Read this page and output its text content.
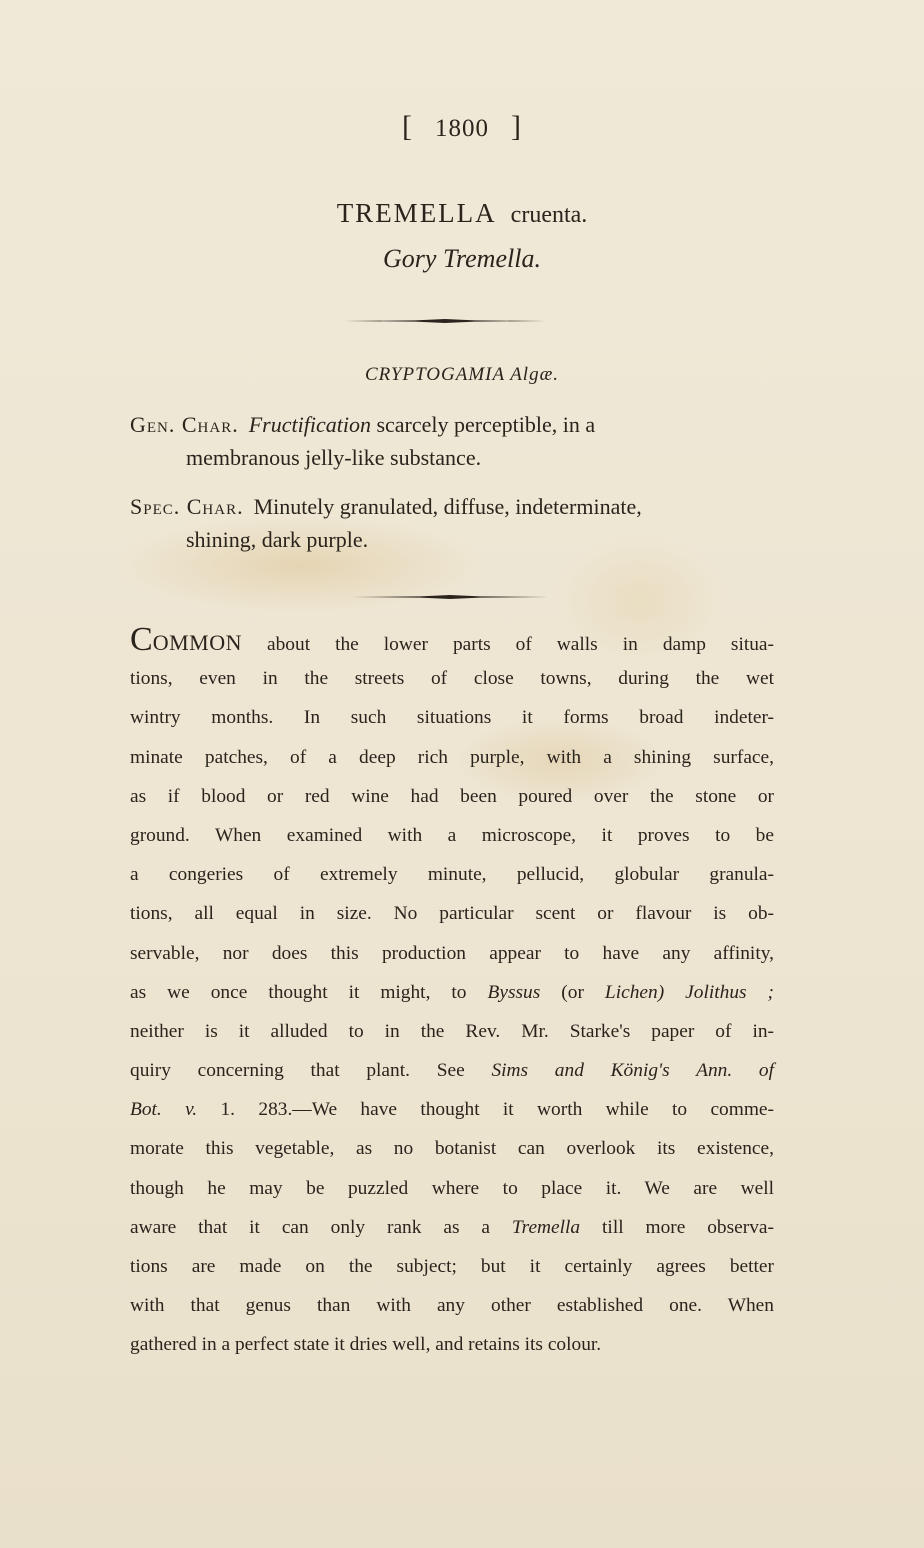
[ 1800 ]
TREMELLA cruenta.
Gory Tremella.
CRYPTOGAMIA Algæ.
Gen. Char. Fructification scarcely perceptible, in a
membranous jelly-like substance.
Spec. Char. Minutely granulated, diffuse, indeterminate,
shining, dark purple.
COMMON about the lower parts of walls in damp situa-
tions, even in the streets of close towns, during the wet
wintry months. In such situations it forms broad indeter-
minate patches, of a deep rich purple, with a shining surface,
as if blood or red wine had been poured over the stone or
ground. When examined with a microscope, it proves to be
a congeries of extremely minute, pellucid, globular granula-
tions, all equal in size. No particular scent or flavour is ob-
servable, nor does this production appear to have any affinity,
as we once thought it might, to Byssus (or Lichen) Jolithus ;
neither is it alluded to in the Rev. Mr. Starke's paper of in-
quiry concerning that plant. See Sims and König's Ann. of
Bot. v. 1. 283.—We have thought it worth while to comme-
morate this vegetable, as no botanist can overlook its existence,
though he may be puzzled where to place it. We are well
aware that it can only rank as a Tremella till more observa-
tions are made on the subject; but it certainly agrees better
with that genus than with any other established one. When
gathered in a perfect state it dries well, and retains its colour.
